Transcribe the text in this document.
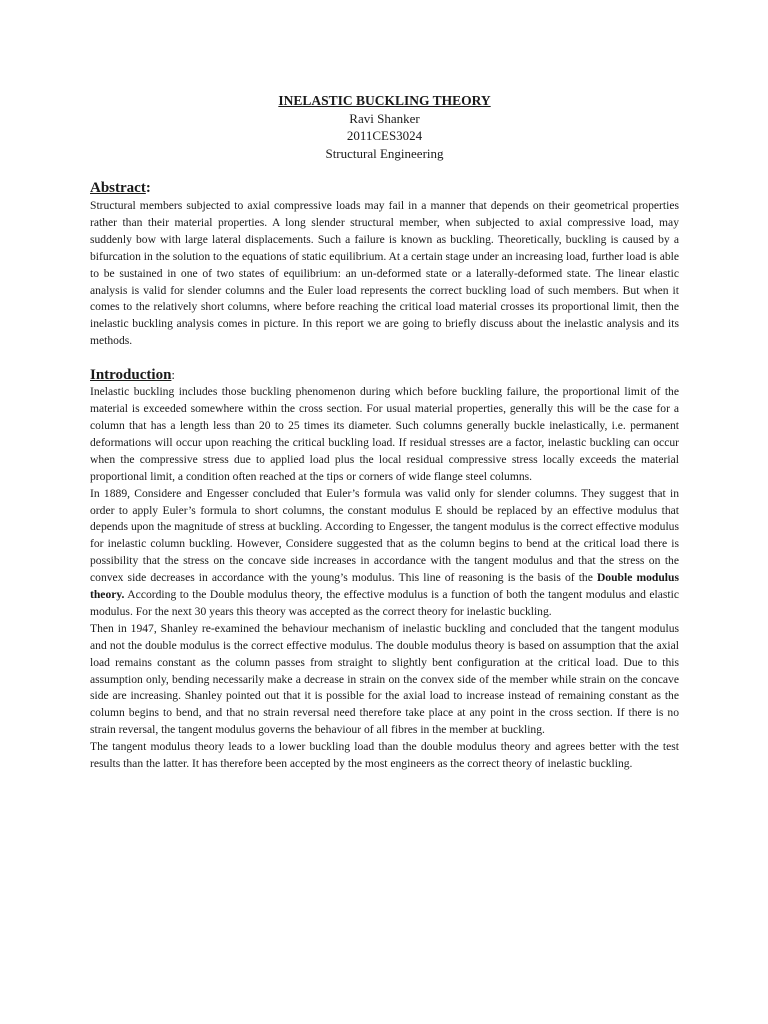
INELASTIC BUCKLING THEORY
Ravi Shanker
2011CES3024
Structural Engineering
Abstract:

Structural members subjected to axial compressive loads may fail in a manner that depends on their geometrical properties rather than their material properties. A long slender structural member, when subjected to axial compressive load, may suddenly bow with large lateral displacements. Such a failure is known as buckling. Theoretically, buckling is caused by a bifurcation in the solution to the equations of static equilibrium. At a certain stage under an increasing load, further load is able to be sustained in one of two states of equilibrium: an un-deformed state or a laterally-deformed state. The linear elastic analysis is valid for slender columns and the Euler load represents the correct buckling load of such members. But when it comes to the relatively short columns, where before reaching the critical load material crosses its proportional limit, then the inelastic buckling analysis comes in picture. In this report we are going to briefly discuss about the inelastic analysis and its methods.

Introduction:

Inelastic buckling includes those buckling phenomenon during which before buckling failure, the proportional limit of the material is exceeded somewhere within the cross section. For usual material properties, generally this will be the case for a column that has a length less than 20 to 25 times its diameter. Such columns generally buckle inelastically, i.e. permanent deformations will occur upon reaching the critical buckling load. If residual stresses are a factor, inelastic buckling can occur when the compressive stress due to applied load plus the local residual compressive stress locally exceeds the material proportional limit, a condition often reached at the tips or corners of wide flange steel columns.

In 1889, Considere and Engesser concluded that Euler’s formula was valid only for slender columns. They suggest that in order to apply Euler’s formula to short columns, the constant modulus E should be replaced by an effective modulus that depends upon the magnitude of stress at buckling. According to Engesser, the tangent modulus is the correct effective modulus for inelastic column buckling. However, Considere suggested that as the column begins to bend at the critical load there is possibility that the stress on the concave side increases in accordance with the tangent modulus and that the stress on the convex side decreases in accordance with the young’s modulus. This line of reasoning is the basis of the Double modulus theory. According to the Double modulus theory, the effective modulus is a function of both the tangent modulus and elastic modulus. For the next 30 years this theory was accepted as the correct theory for inelastic buckling.

Then in 1947, Shanley re-examined the behaviour mechanism of inelastic buckling and concluded that the tangent modulus and not the double modulus is the correct effective modulus. The double modulus theory is based on assumption that the axial load remains constant as the column passes from straight to slightly bent configuration at the critical load. Due to this assumption only, bending necessarily make a decrease in strain on the convex side of the member while strain on the concave side are increasing. Shanley pointed out that it is possible for the axial load to increase instead of remaining constant as the column begins to bend, and that no strain reversal need therefore take place at any point in the cross section. If there is no strain reversal, the tangent modulus governs the behaviour of all fibres in the member at buckling.

The tangent modulus theory leads to a lower buckling load than the double modulus theory and agrees better with the test results than the latter. It has therefore been accepted by the most engineers as the correct theory of inelastic buckling.
